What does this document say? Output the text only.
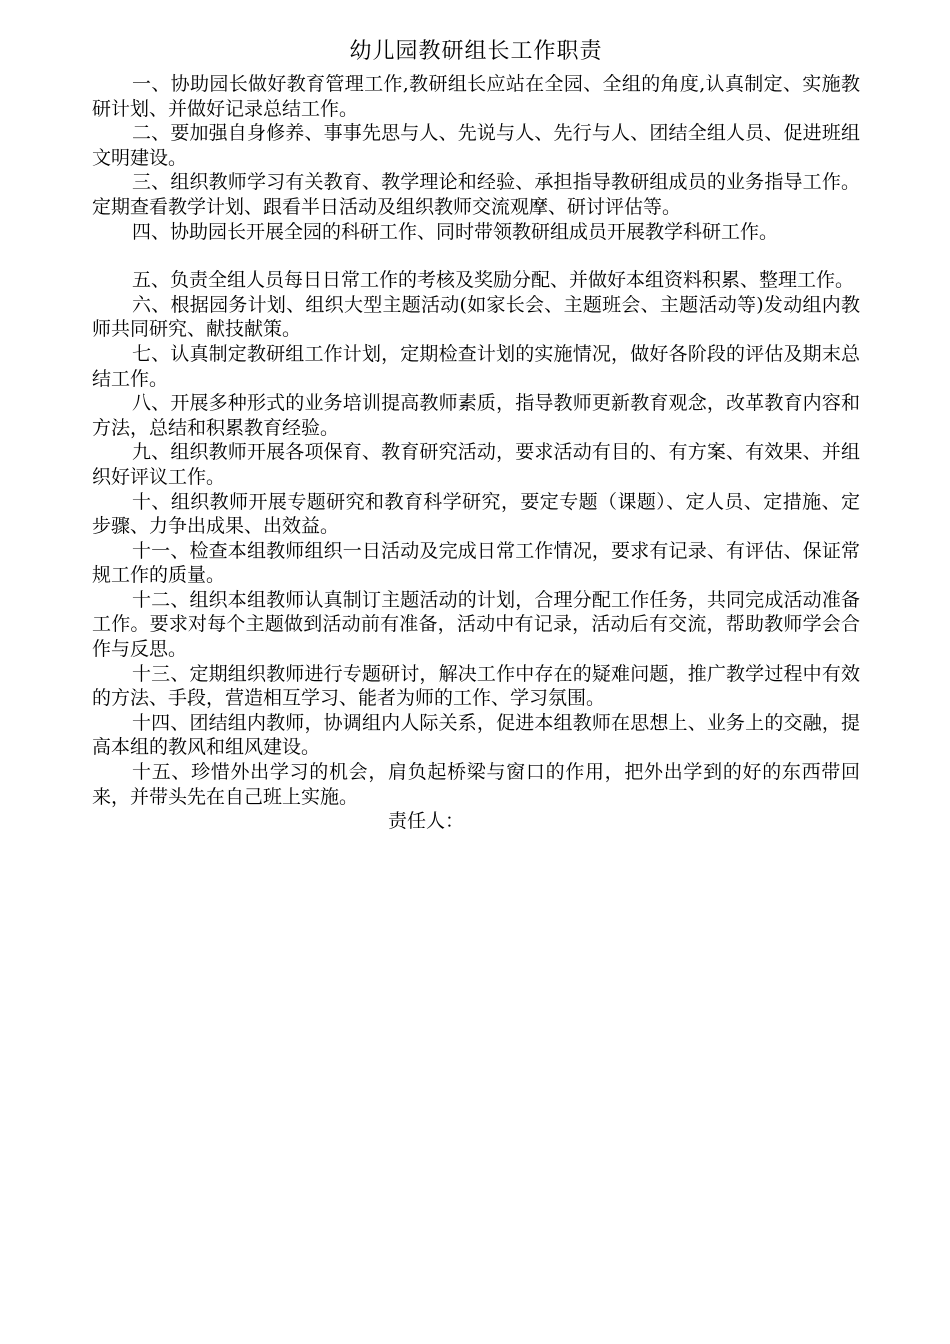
幼儿园教研组长工作职责

一、协助园长做好教育管理工作,教研组长应站在全园、全组的角度,认真制定、实施教研计划、并做好记录总结工作。

二、要加强自身修养、事事先思与人、先说与人、先行与人、团结全组人员、促进班组文明建设。

三、组织教师学习有关教育、教学理论和经验、承担指导教研组成员的业务指导工作。定期查看教学计划、跟看半日活动及组织教师交流观摩、研讨评估等。

四、协助园长开展全园的科研工作、同时带领教研组成员开展教学科研工作。

五、负责全组人员每日日常工作的考核及奖励分配、并做好本组资料积累、整理工作。

六、根据园务计划、组织大型主题活动(如家长会、主题班会、主题活动等)发动组内教师共同研究、献技献策。

七、认真制定教研组工作计划，定期检查计划的实施情况，做好各阶段的评估及期末总结工作。

八、开展多种形式的业务培训提高教师素质，指导教师更新教育观念，改革教育内容和方法，总结和积累教育经验。

九、组织教师开展各项保育、教育研究活动，要求活动有目的、有方案、有效果、并组织好评议工作。

十、组织教师开展专题研究和教育科学研究，要定专题（课题）、定人员、定措施、定步骤、力争出成果、出效益。

十一、检查本组教师组织一日活动及完成日常工作情况，要求有记录、有评估、保证常规工作的质量。

十二、组织本组教师认真制订主题活动的计划，合理分配工作任务，共同完成活动准备工作。要求对每个主题做到活动前有准备，活动中有记录，活动后有交流，帮助教师学会合作与反思。

十三、定期组织教师进行专题研讨，解决工作中存在的疑难问题，推广教学过程中有效的方法、手段，营造相互学习、能者为师的工作、学习氛围。

十四、团结组内教师，协调组内人际关系，促进本组教师在思想上、业务上的交融，提高本组的教风和组风建设。

十五、珍惜外出学习的机会，肩负起桥梁与窗口的作用，把外出学到的好的东西带回来，并带头先在自己班上实施。

责任人：
